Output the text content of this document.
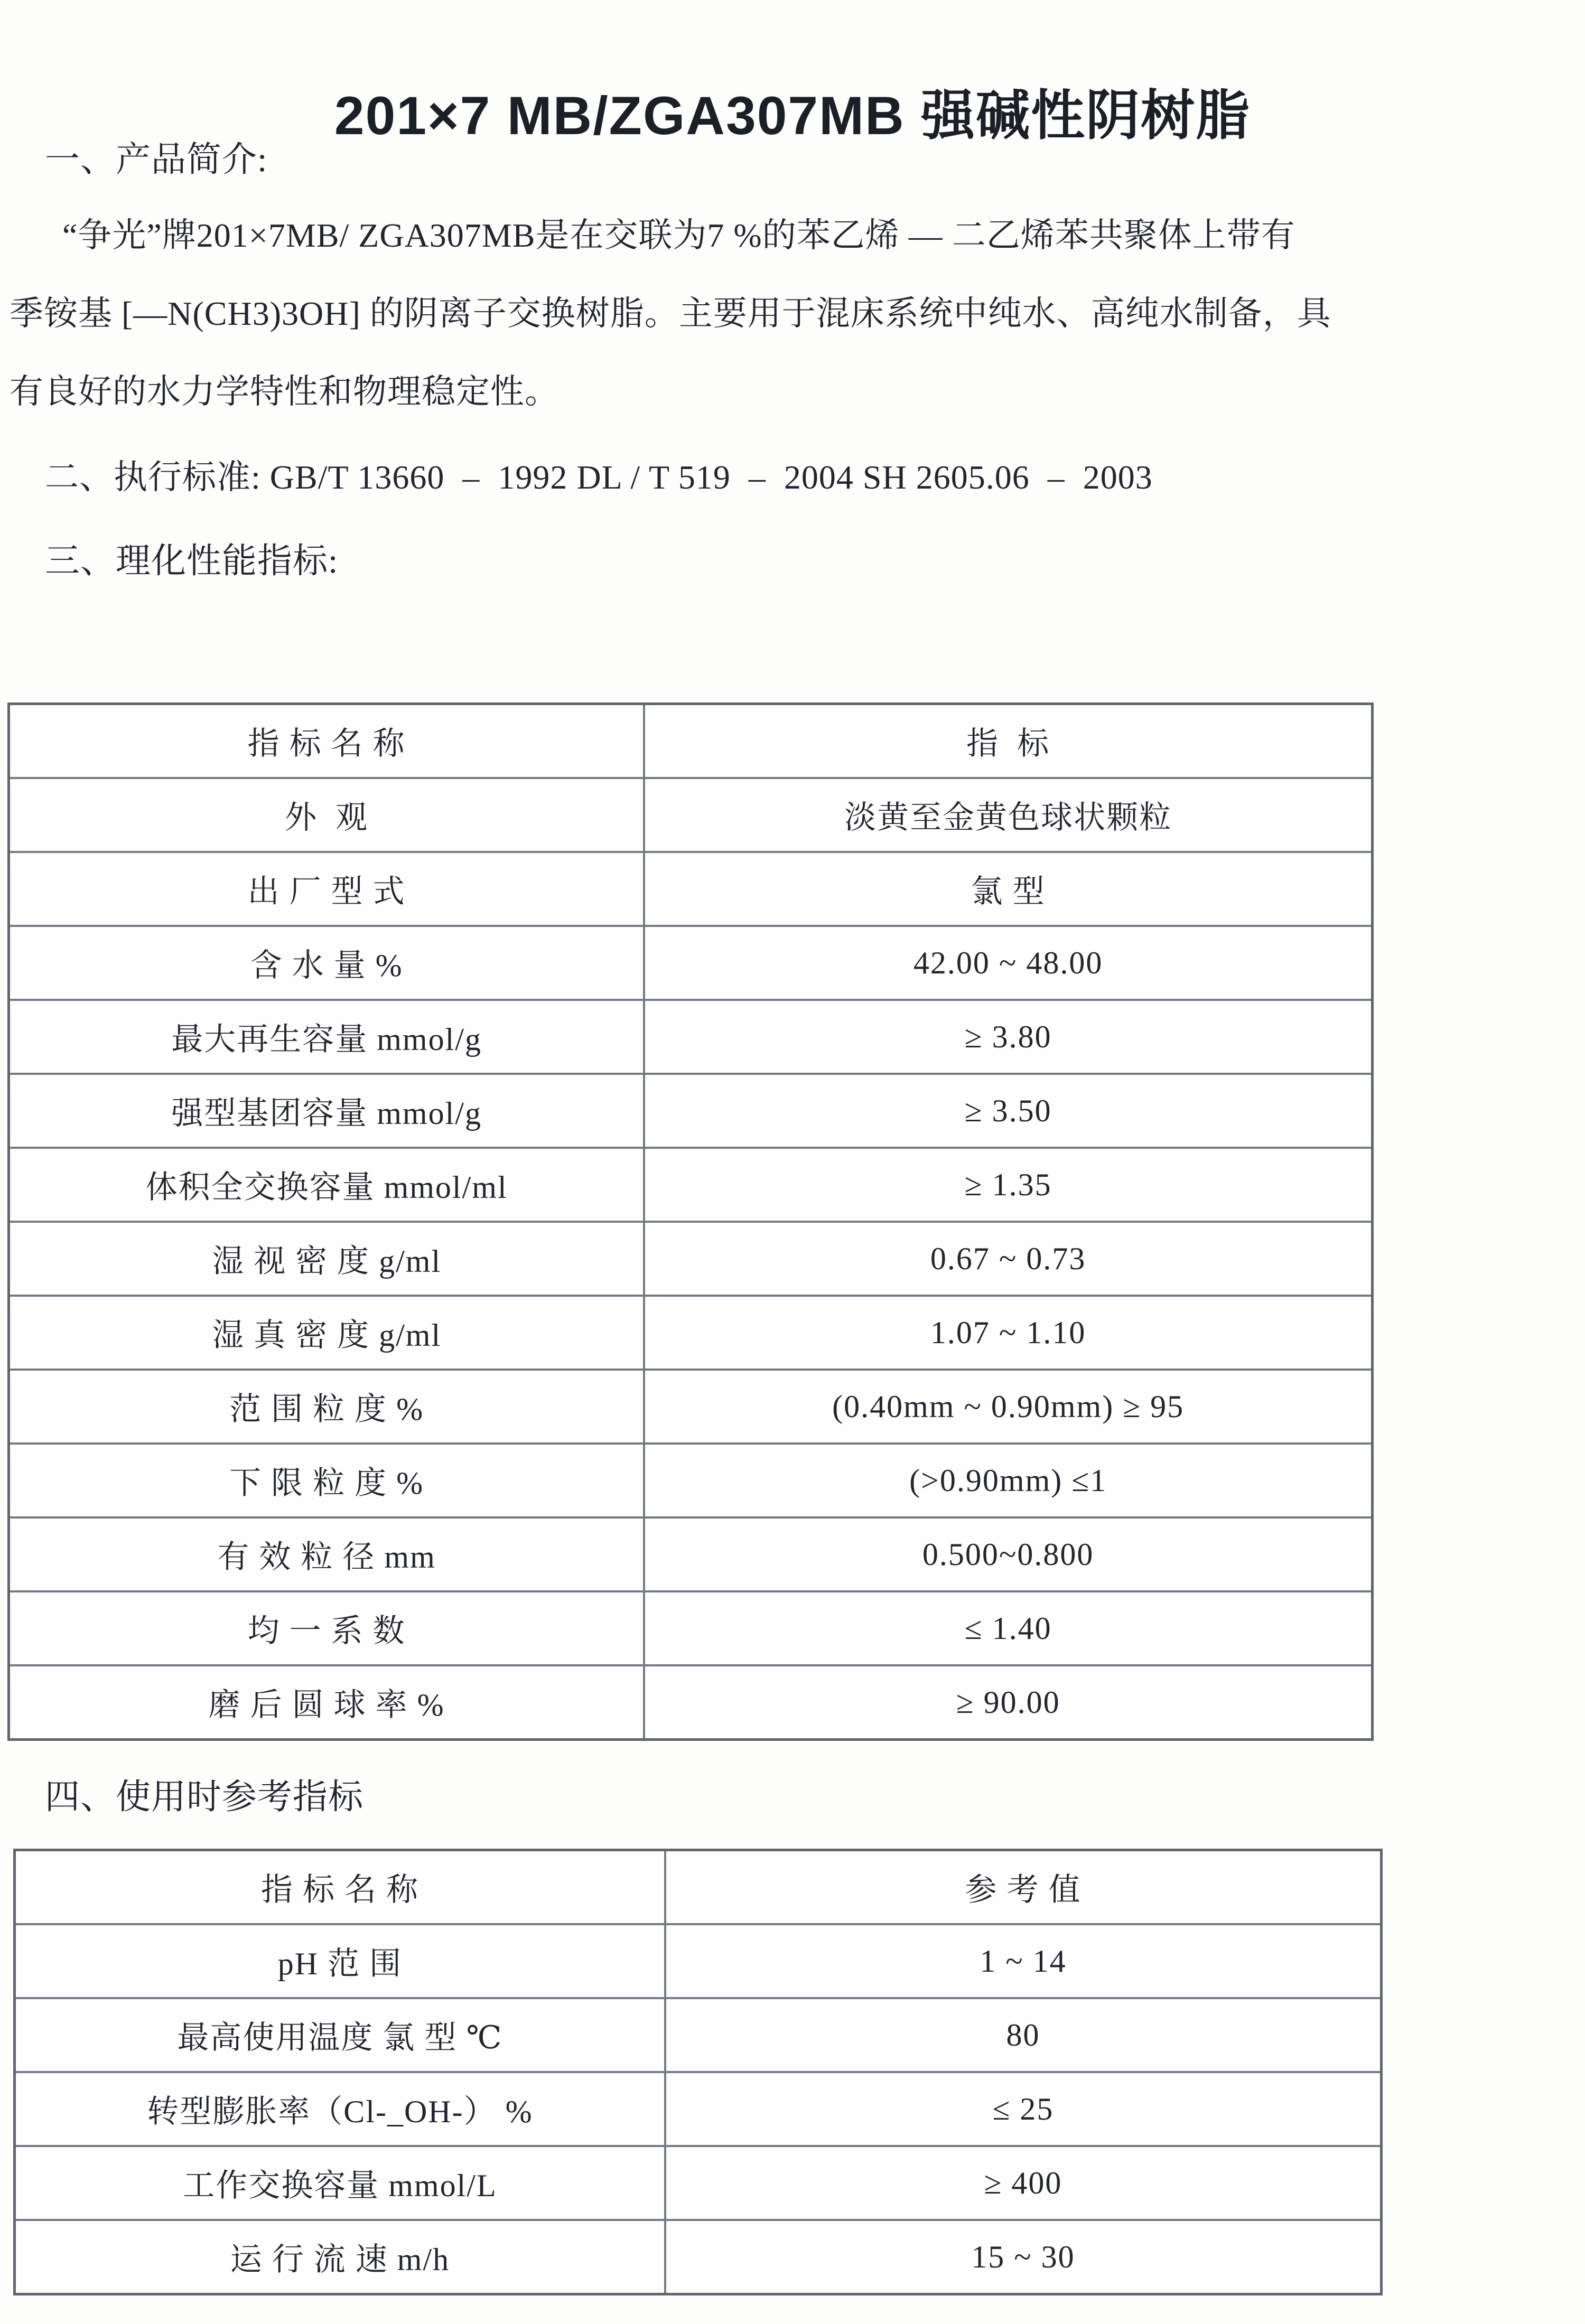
201×7 MB/ZGA307MB 强碱性阴树脂
一、产品简介:
“争光”牌201×7MB/ ZGA307MB是在交联为7 %的苯乙烯 — 二乙烯苯共聚体上带有
季铵基 [—N(CH3)3OH] 的阴离子交换树脂。主要用于混床系统中纯水、高纯水制备，具
有良好的水力学特性和物理稳定性。
二、执行标准: GB/T 13660  –  1992 DL / T 519  –  2004 SH 2605.06  –  2003
三、理化性能指标:
指 标 名 称	指  标
外  观	淡黄至金黄色球状颗粒
出 厂 型 式	氯 型
含 水 量 %	42.00 ~ 48.00
最大再生容量 mmol/g	≥ 3.80
强型基团容量 mmol/g	≥ 3.50
体积全交换容量 mmol/ml	≥ 1.35
湿 视 密 度 g/ml	0.67 ~ 0.73
湿 真 密 度 g/ml	1.07 ~ 1.10
范 围 粒 度 %	(0.40mm ~ 0.90mm) ≥ 95
下 限 粒 度 %	(>0.90mm) ≤1
有 效 粒 径 mm	0.500~0.800
均 一 系 数	≤ 1.40
磨 后 圆 球 率 %	≥ 90.00
四、使用时参考指标
指 标 名 称	参 考 值
pH 范 围	1 ~ 14
最高使用温度 氯 型 ℃	80
转型膨胀率（Cl-_OH-） %	≤ 25
工作交换容量 mmol/L	≥ 400
运 行 流 速 m/h	15 ~ 30
